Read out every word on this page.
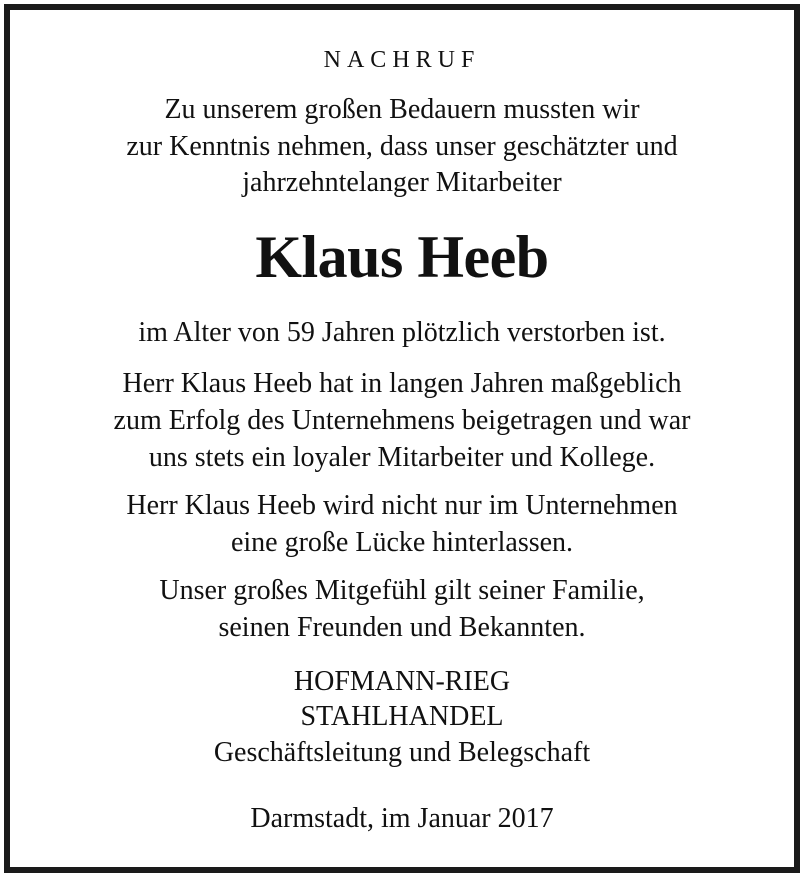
NACHRUF
Zu unserem großen Bedauern mussten wir
zur Kenntnis nehmen, dass unser geschätzter und
jahrzehntelanger Mitarbeiter
Klaus Heeb
im Alter von 59 Jahren plötzlich verstorben ist.
Herr Klaus Heeb hat in langen Jahren maßgeblich
zum Erfolg des Unternehmens beigetragen und war
uns stets ein loyaler Mitarbeiter und Kollege.
Herr Klaus Heeb wird nicht nur im Unternehmen
eine große Lücke hinterlassen.
Unser großes Mitgefühl gilt seiner Familie,
seinen Freunden und Bekannten.
HOFMANN-RIEG
STAHLHANDEL
Geschäftsleitung und Belegschaft
Darmstadt, im Januar 2017
